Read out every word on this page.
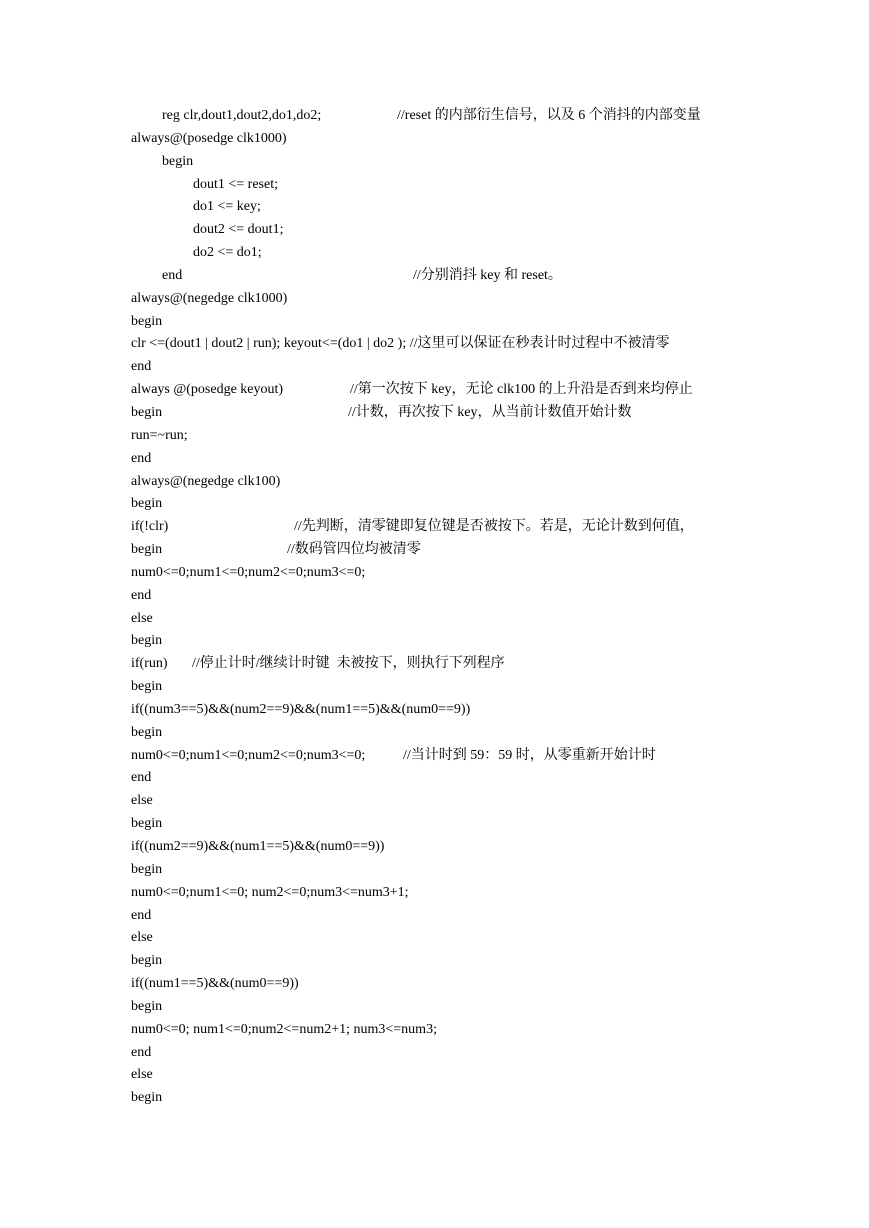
reg clr,dout1,dout2,do1,do2;	//reset 的内部衍生信号，以及 6 个消抖的内部变量
always@(posedge clk1000)
begin
dout1 <= reset;
do1 <= key;
dout2 <= dout1;
do2 <= do1;
end	//分别消抖 key 和 reset。
always@(negedge clk1000)
begin
clr <=(dout1 | dout2 | run); keyout<=(do1 | do2 ); //这里可以保证在秒表计时过程中不被清零
end
always @(posedge keyout)	//第一次按下 key，无论 clk100 的上升沿是否到来均停止
begin	//计数，再次按下 key，从当前计数值开始计数
run=~run;
end
always@(negedge clk100)
begin
if(!clr)	//先判断，清零键即复位键是否被按下。若是，无论计数到何值，
begin	//数码管四位均被清零
num0<=0;num1<=0;num2<=0;num3<=0;
end
else
begin
if(run) //停止计时/继续计时键  未被按下，则执行下列程序
begin
if((num3==5)&&(num2==9)&&(num1==5)&&(num0==9))
begin
num0<=0;num1<=0;num2<=0;num3<=0;	//当计时到 59：59 时，从零重新开始计时
end
else
begin
if((num2==9)&&(num1==5)&&(num0==9))
begin
num0<=0;num1<=0; num2<=0;num3<=num3+1;
end
else
begin
if((num1==5)&&(num0==9))
begin
num0<=0; num1<=0;num2<=num2+1; num3<=num3;
end
else
begin
